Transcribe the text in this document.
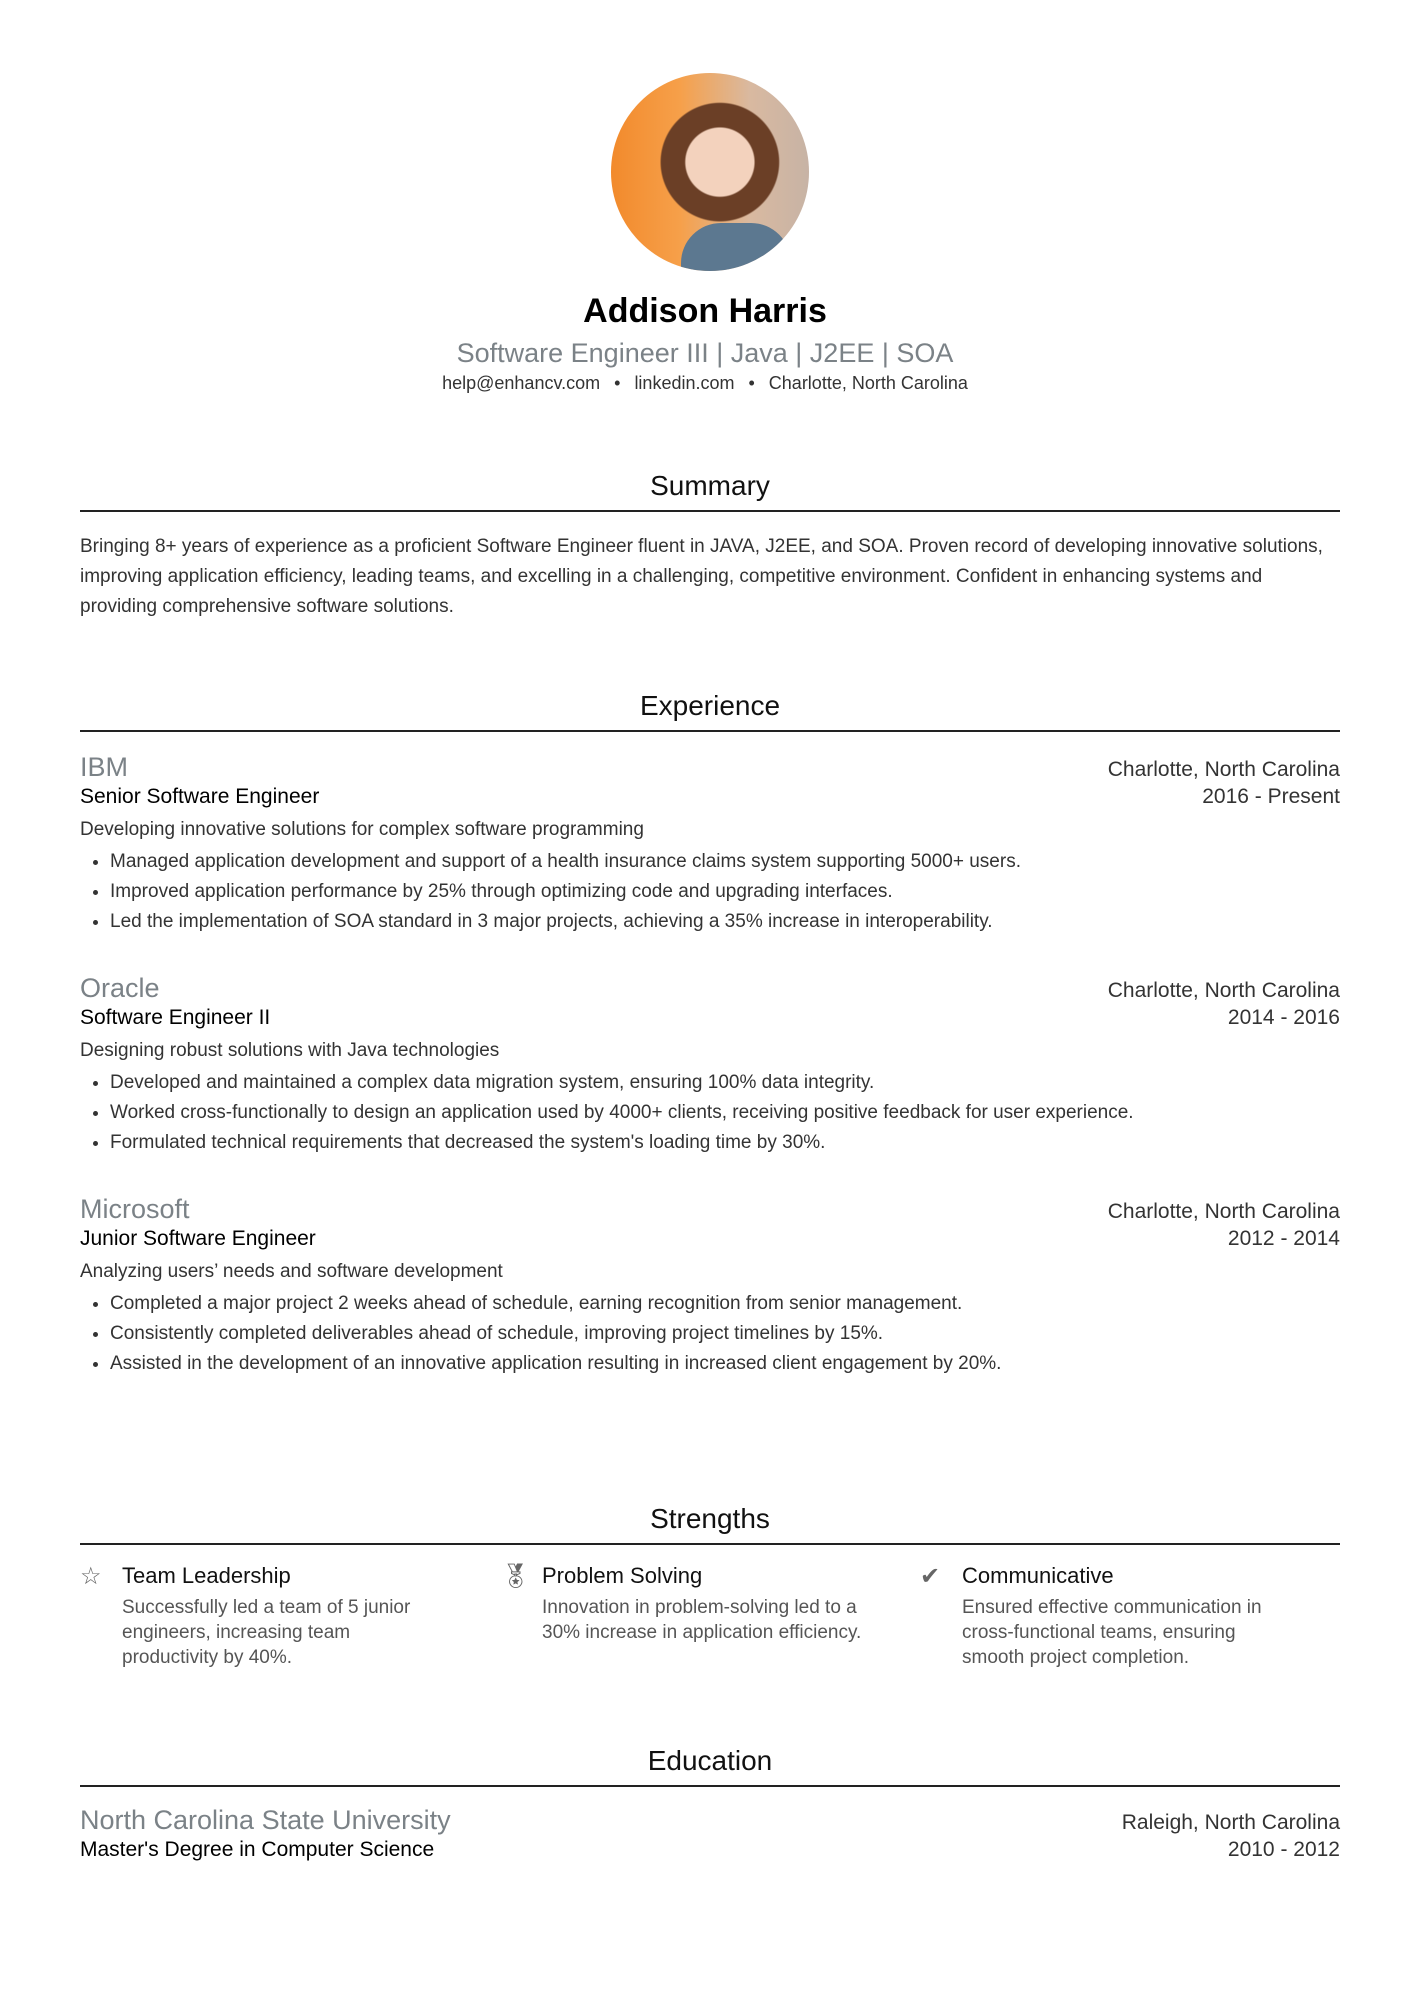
Addison Harris
Software Engineer III | Java | J2EE | SOA
help@enhancv.com • linkedin.com • Charlotte, North Carolina
Summary
Bringing 8+ years of experience as a proficient Software Engineer fluent in JAVA, J2EE, and SOA. Proven record of developing innovative solutions, improving application efficiency, leading teams, and excelling in a challenging, competitive environment. Confident in enhancing systems and providing comprehensive software solutions.
Experience
IBM	Charlotte, North Carolina
Senior Software Engineer	2016 - Present
Developing innovative solutions for complex software programming
• Managed application development and support of a health insurance claims system supporting 5000+ users.
• Improved application performance by 25% through optimizing code and upgrading interfaces.
• Led the implementation of SOA standard in 3 major projects, achieving a 35% increase in interoperability.
Oracle	Charlotte, North Carolina
Software Engineer II	2014 - 2016
Designing robust solutions with Java technologies
• Developed and maintained a complex data migration system, ensuring 100% data integrity.
• Worked cross-functionally to design an application used by 4000+ clients, receiving positive feedback for user experience.
• Formulated technical requirements that decreased the system's loading time by 30%.
Microsoft	Charlotte, North Carolina
Junior Software Engineer	2012 - 2014
Analyzing users’ needs and software development
• Completed a major project 2 weeks ahead of schedule, earning recognition from senior management.
• Consistently completed deliverables ahead of schedule, improving project timelines by 15%.
• Assisted in the development of an innovative application resulting in increased client engagement by 20%.
Strengths
☆ Team Leadership
Successfully led a team of 5 junior engineers, increasing team productivity by 40%.
🏅︎ Problem Solving
Innovation in problem-solving led to a 30% increase in application efficiency.
✔ Communicative
Ensured effective communication in cross-functional teams, ensuring smooth project completion.
Education
North Carolina State University	Raleigh, North Carolina
Master's Degree in Computer Science	2010 - 2012
